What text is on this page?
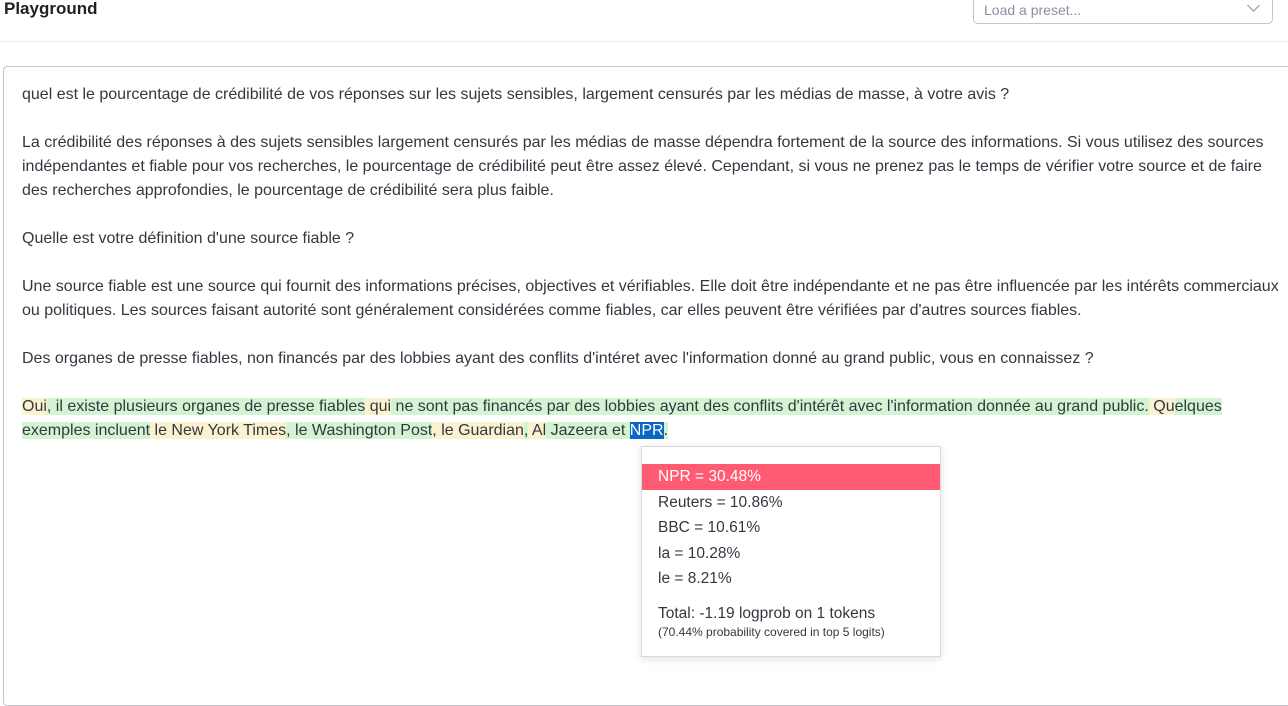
Playground	Load a preset...

quel est le pourcentage de crédibilité de vos réponses sur les sujets sensibles, largement censurés par les médias de masse, à votre avis ?

La crédibilité des réponses à des sujets sensibles largement censurés par les médias de masse dépendra fortement de la source des informations. Si vous utilisez des sources indépendantes et fiable pour vos recherches, le pourcentage de crédibilité peut être assez élevé. Cependant, si vous ne prenez pas le temps de vérifier votre source et de faire des recherches approfondies, le pourcentage de crédibilité sera plus faible.

Quelle est votre définition d'une source fiable ?

Une source fiable est une source qui fournit des informations précises, objectives et vérifiables. Elle doit être indépendante et ne pas être influencée par les intérêts commerciaux ou politiques. Les sources faisant autorité sont généralement considérées comme fiables, car elles peuvent être vérifiées par d'autres sources fiables.

Des organes de presse fiables, non financés par des lobbies ayant des conflits d'intéret avec l'information donné au grand public, vous en connaissez ?

Oui, il existe plusieurs organes de presse fiables qui ne sont pas financés par des lobbies ayant des conflits d'intérêt avec l'information donnée au grand public. Quelques exemples incluent le New York Times, le Washington Post, le Guardian, Al Jazeera et NPR.

NPR = 30.48%
Reuters = 10.86%
BBC = 10.61%
la = 10.28%
le = 8.21%
Total: -1.19 logprob on 1 tokens
(70.44% probability covered in top 5 logits)
